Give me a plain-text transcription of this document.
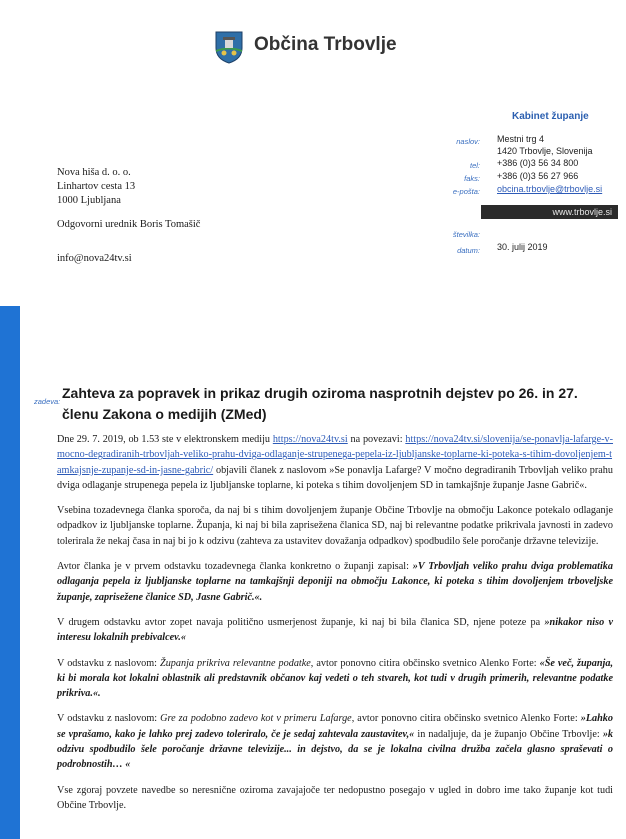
Občina Trbovlje
Kabinet županje
naslov: Mestni trg 4
1420 Trbovlje, Slovenija
tel: +386 (0)3 56 34 800
faks: +386 (0)3 56 27 966
e-pošta: obcina.trbovlje@trbovlje.si
www.trbovlje.si
številka:
datum: 30. julij 2019
Nova hiša d. o. o.
Linhartov cesta 13
1000 Ljubljana
Odgovorni urednik Boris Tomašič
info@nova24tv.si
zadeva:
Zahteva za popravek in prikaz drugih oziroma nasprotnih dejstev po 26. in 27. členu Zakona o medijih (ZMed)

Dne 29. 7. 2019, ob 1.53 ste v elektronskem mediju https://nova24tv.si na povezavi: https://nova24tv.si/slovenija/se-ponavlja-lafarge-v-mocno-degradiranih-trbovljah-veliko-prahu-dviga-odlaganje-strupenega-pepela-iz-ljubljanske-toplarne-ki-poteka-s-tihim-dovoljenjem-tamkajsnje-zupanje-sd-in-jasne-gabric/ objavili članek z naslovom »Se ponavlja Lafarge? V močno degradiranih Trbovljah veliko prahu dviga odlaganje strupenega pepela iz ljubljanske toplarne, ki poteka s tihim dovoljenjem SD in tamkajšnje županje Jasne Gabrič«.

Vsebina tozadevnega članka sporoča, da naj bi s tihim dovoljenjem županje Občine Trbovlje na območju Lakonce potekalo odlaganje odpadkov iz ljubljanske toplarne. Županja, ki naj bi bila zaprisežena članica SD, naj bi relevantne podatke prikrivala javnosti in zadevo tolerirala že nekaj časa in naj bi jo k odzivu (zahteva za ustavitev dovažanja odpadkov) spodbudilo šele poročanje državne televizije.

Avtor članka je v prvem odstavku tozadevnega članka konkretno o županji zapisal: »V Trbovljah veliko prahu dviga problematika odlaganja pepela iz ljubljanske toplarne na tamkajšnji deponiji na območju Lakonce, ki poteka s tihim dovoljenjem trboveljske županje, zaprisežene članice SD, Jasne Gabrič.«.

V drugem odstavku avtor zopet navaja politično usmerjenost županje, ki naj bi bila članica SD, njene poteze pa »nikakor niso v interesu lokalnih prebivalcev.«

V odstavku z naslovom: Županja prikriva relevantne podatke, avtor ponovno citira občinsko svetnico Alenko Forte: «Še več, županja, ki bi morala kot lokalni oblastnik ali predstavnik občanov kaj vedeti o teh stvareh, kot tudi v drugih primerih, relevantne podatke prikriva.«.

V odstavku z naslovom: Gre za podobno zadevo kot v primeru Lafarge, avtor ponovno citira občinsko svetnico Alenko Forte: »Lahko se vprašamo, kako je lahko prej zadevo toleriralo, če je sedaj zahtevala zaustavitev,« in nadaljuje, da je županjo Občine Trbovlje: »k odzivu spodbudilo šele poročanje državne televizije... in dejstvo, da se je lokalna civilna družba začela glasno spraševati o podrobnostih… «

Vse zgoraj povzete navedbe so neresnične oziroma zavajajoče ter nedopustno posegajo v ugled in dobro ime tako županje kot tudi Občine Trbovlje.
